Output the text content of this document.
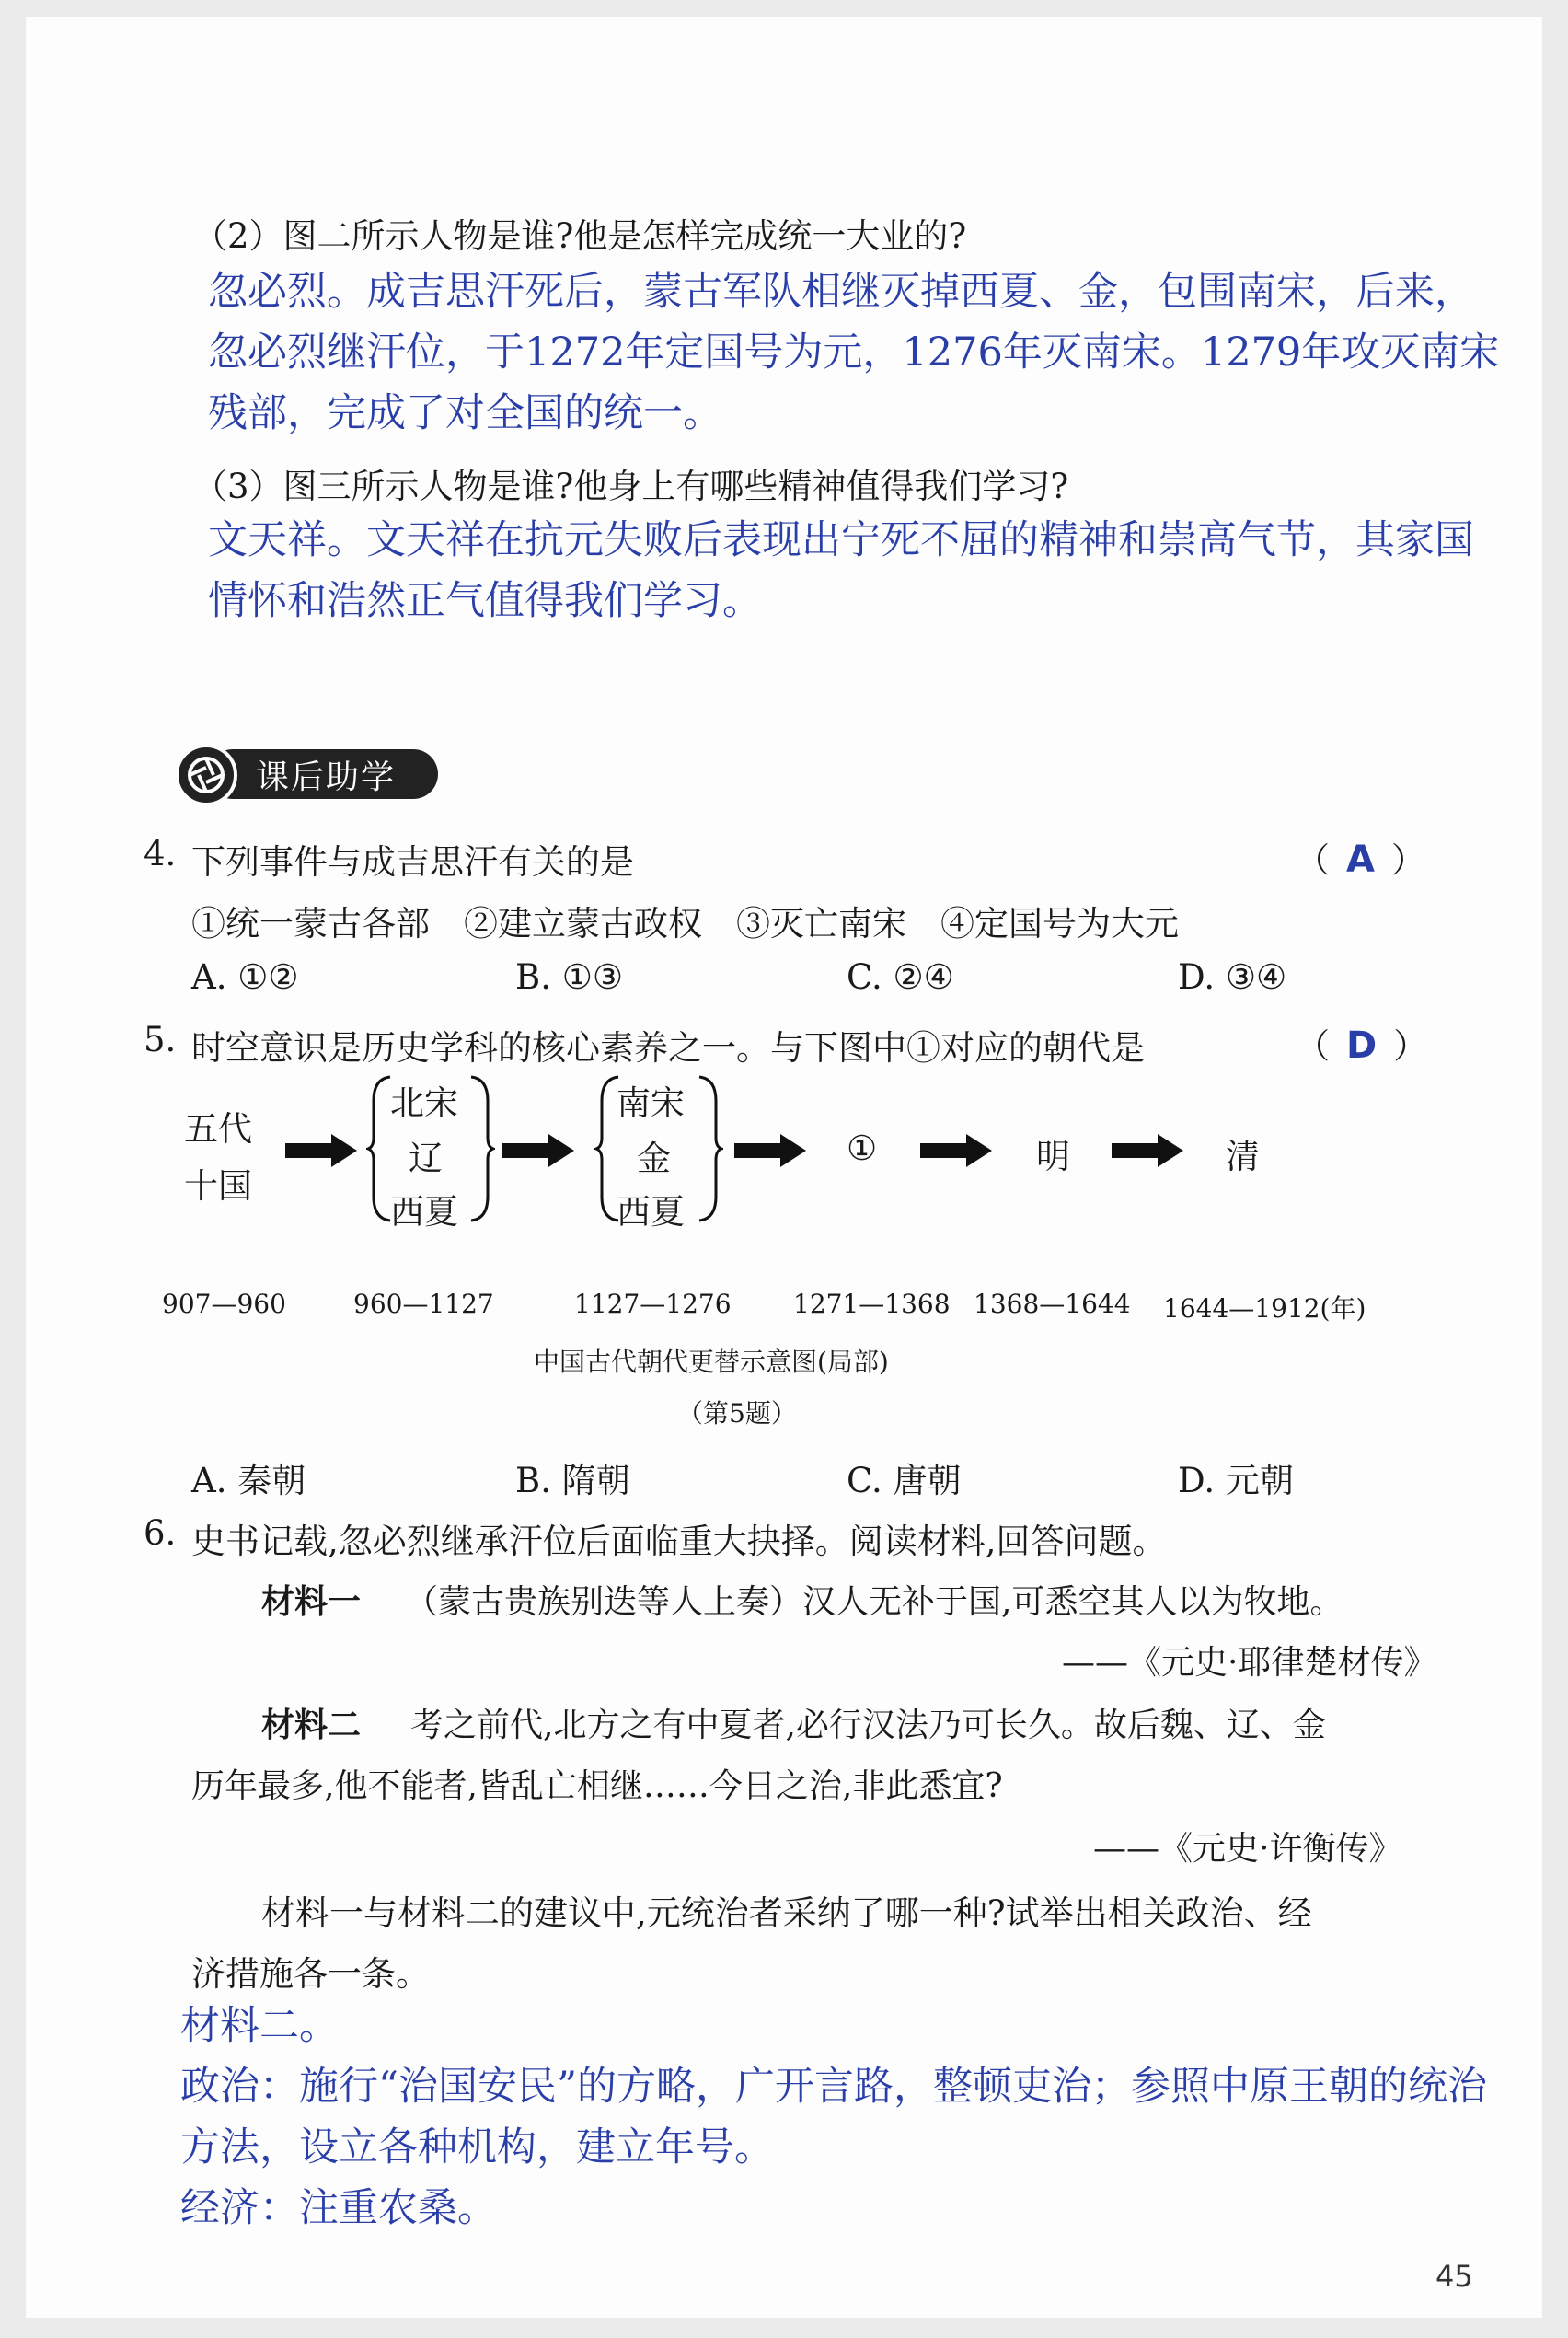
（2）图二所示人物是谁?他是怎样完成统一大业的?
忽必烈。成吉思汗死后，蒙古军队相继灭掉西夏、金，包围南宋，后来，忽必烈继汗位，于1272年定国号为元，1276年灭南宋。1279年攻灭南宋残部，完成了对全国的统一。
（3）图三所示人物是谁?他身上有哪些精神值得我们学习?
文天祥。文天祥在抗元失败后表现出宁死不屈的精神和崇高气节，其家国情怀和浩然正气值得我们学习。
课后助学
4. 下列事件与成吉思汗有关的是	（ A ）
①统一蒙古各部　②建立蒙古政权　③灭亡南宋　④定国号为大元
A. ①②	B. ①③	C. ②④	D. ③④
5. 时空意识是历史学科的核心素养之一。与下图中①对应的朝代是	（ D ）
五代
十国
北宋
辽
西夏
南宋
金
西夏
①	明	清
907—960	960—1127	1127—1276 1271—1368 1368—1644 1644—1912(年)
中国古代朝代更替示意图(局部)
（第5题）
A. 秦朝	B. 隋朝	C. 唐朝	D. 元朝
6. 史书记载,忽必烈继承汗位后面临重大抉择。阅读材料,回答问题。
材料一 （蒙古贵族别迭等人上奏）汉人无补于国,可悉空其人以为牧地。
——《元史·耶律楚材传》
材料二 考之前代,北方之有中夏者,必行汉法乃可长久。故后魏、辽、金
历年最多,他不能者,皆乱亡相继……今日之治,非此悉宜?
——《元史·许衡传》
材料一与材料二的建议中,元统治者采纳了哪一种?试举出相关政治、经
济措施各一条。
材料二。
政治：施行“治国安民”的方略，广开言路，整顿吏治；参照中原王朝的统治方法，设立各种机构，建立年号。
经济：注重农桑。
45
